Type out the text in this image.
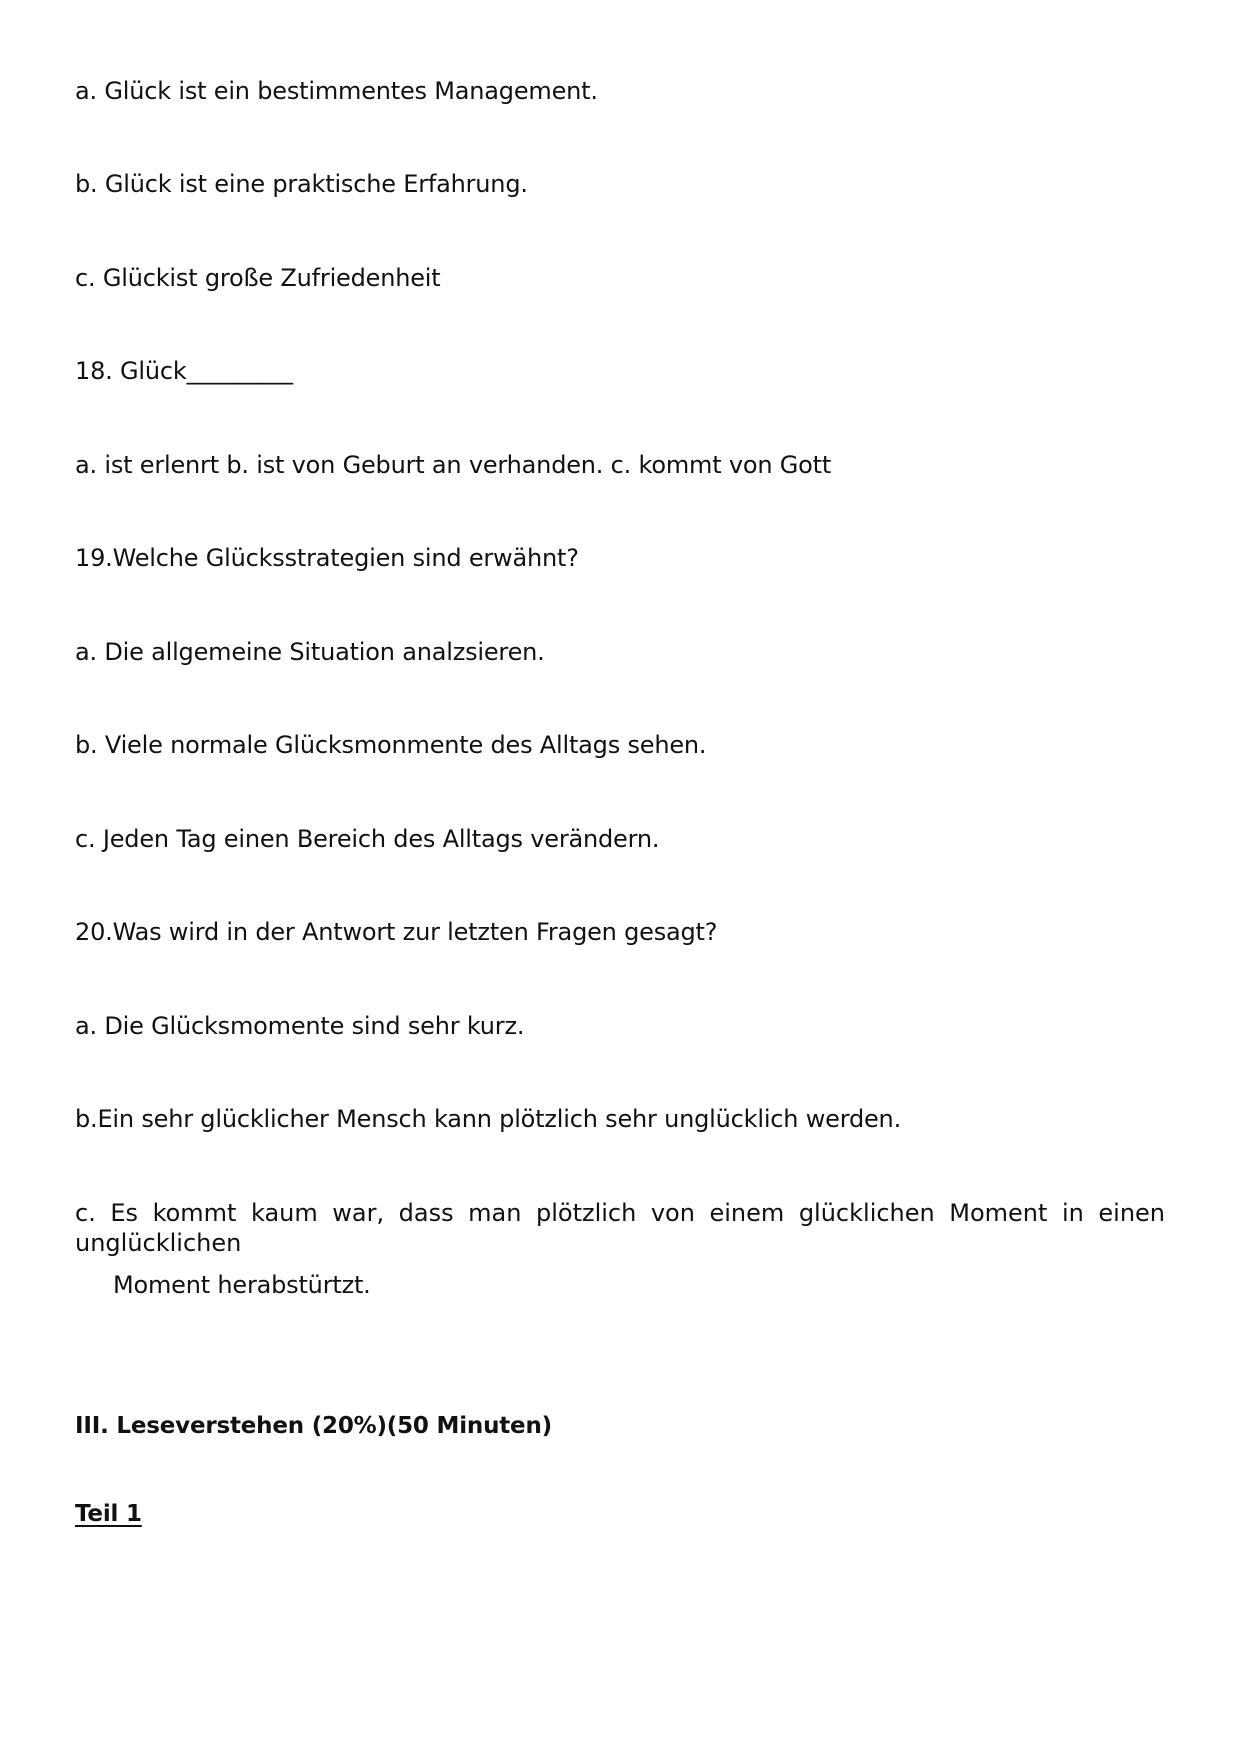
a. Glück ist ein bestimmentes Management.
b. Glück ist eine praktische Erfahrung.
c. Glückist große Zufriedenheit
18. Glück_________
a. ist erlenrt b. ist von Geburt an verhanden. c. kommt von Gott
19.Welche Glücksstrategien sind erwähnt?
a. Die allgemeine Situation analzsieren.
b. Viele normale Glücksmonmente des Alltags sehen.
c. Jeden Tag einen Bereich des Alltags verändern.
20.Was wird in der Antwort zur letzten Fragen gesagt?
a. Die Glücksmomente sind sehr kurz.
b.Ein sehr glücklicher Mensch kann plötzlich sehr unglücklich werden.
c. Es kommt kaum war, dass man plötzlich von einem glücklichen Moment in einen unglücklichen
Moment herabstürtzt.
III. Leseverstehen (20%)(50 Minuten)
Teil 1
